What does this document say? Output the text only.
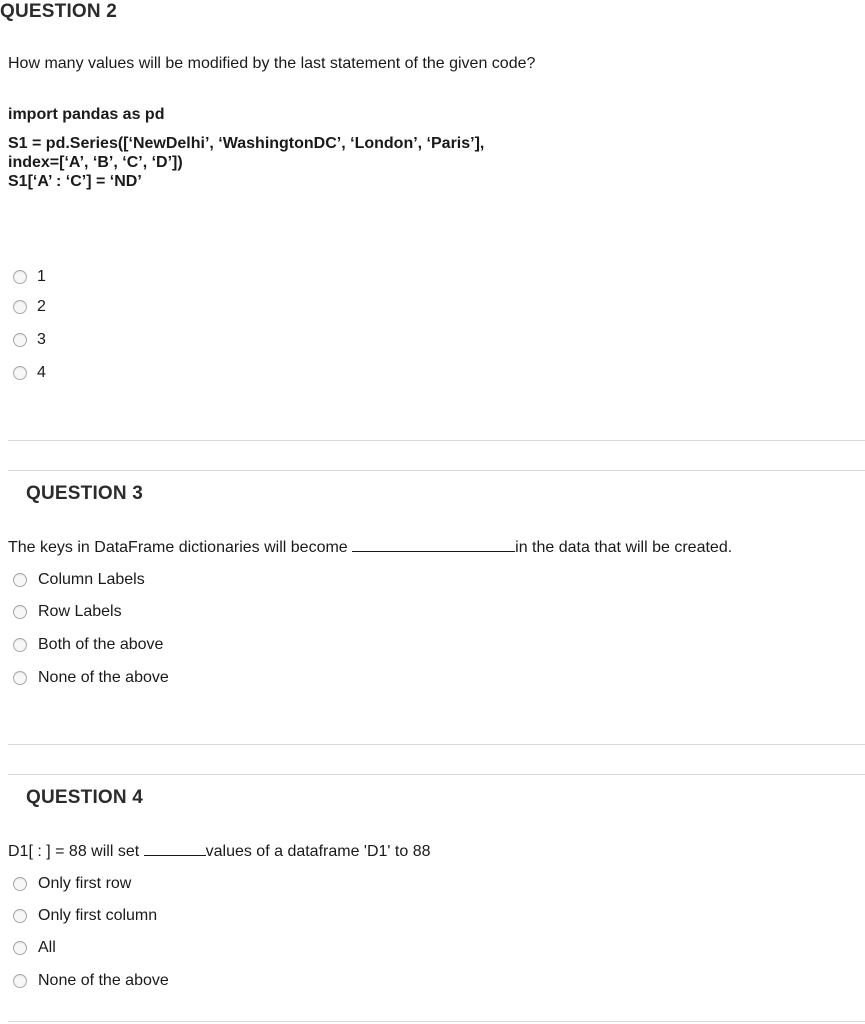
QUESTION 2
How many values will be modified by the last statement of the given code?
import pandas as pd
S1 = pd.Series([‘NewDelhi’, ‘WashingtonDC’, ‘London’, ‘Paris’],
index=[‘A’, ‘B’, ‘C’, ‘D’])
S1[‘A’ : ‘C’] = ‘ND’
1
2
3
4
QUESTION 3
The keys in DataFrame dictionaries will become	in the data that will be created.
Column Labels
Row Labels
Both of the above
None of the above
QUESTION 4
D1[ : ] = 88 will set	values of a dataframe 'D1' to 88
Only first row
Only first column
All
None of the above
